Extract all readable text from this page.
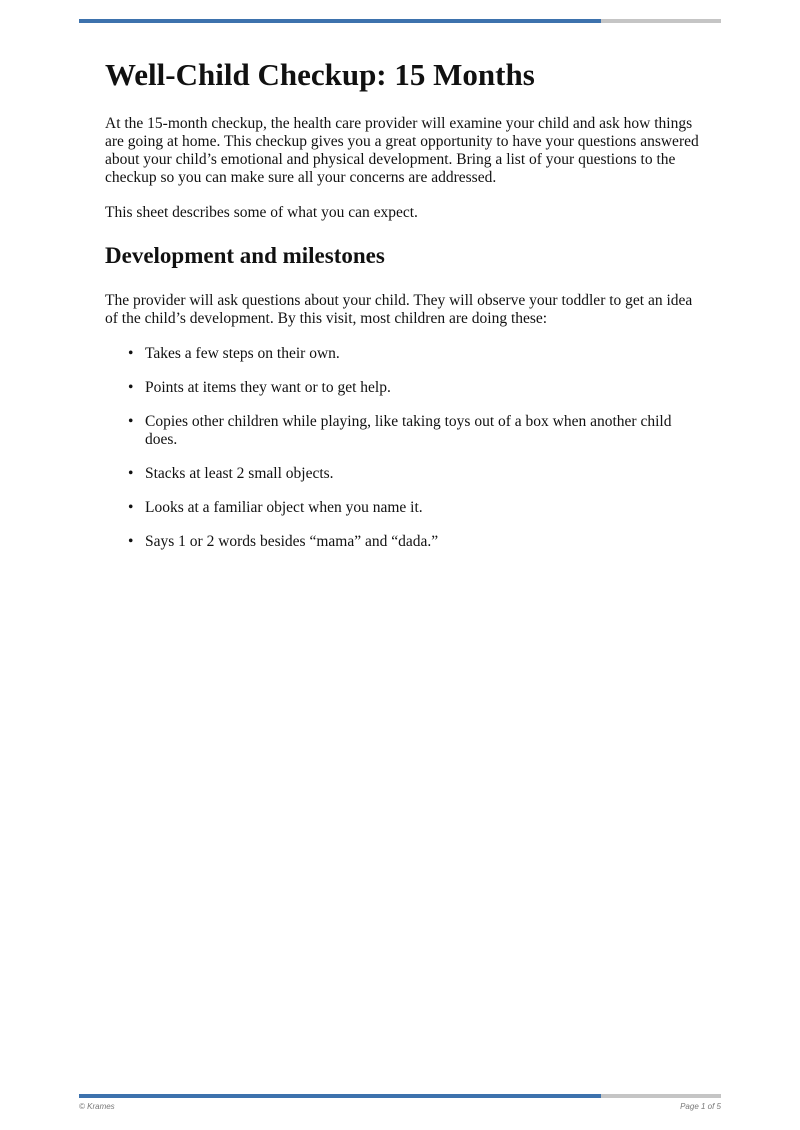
Well-Child Checkup: 15 Months

At the 15-month checkup, the health care provider will examine your child and ask how things are going at home. This checkup gives you a great opportunity to have your questions answered about your child’s emotional and physical development. Bring a list of your questions to the checkup so you can make sure all your concerns are addressed.

This sheet describes some of what you can expect.

Development and milestones

The provider will ask questions about your child. They will observe your toddler to get an idea of the child’s development. By this visit, most children are doing these:

• Takes a few steps on their own.
• Points at items they want or to get help.
• Copies other children while playing, like taking toys out of a box when another child does.
• Stacks at least 2 small objects.
• Looks at a familiar object when you name it.
• Says 1 or 2 words besides “mama” and “dada.”
© Krames	Page 1 of 5
